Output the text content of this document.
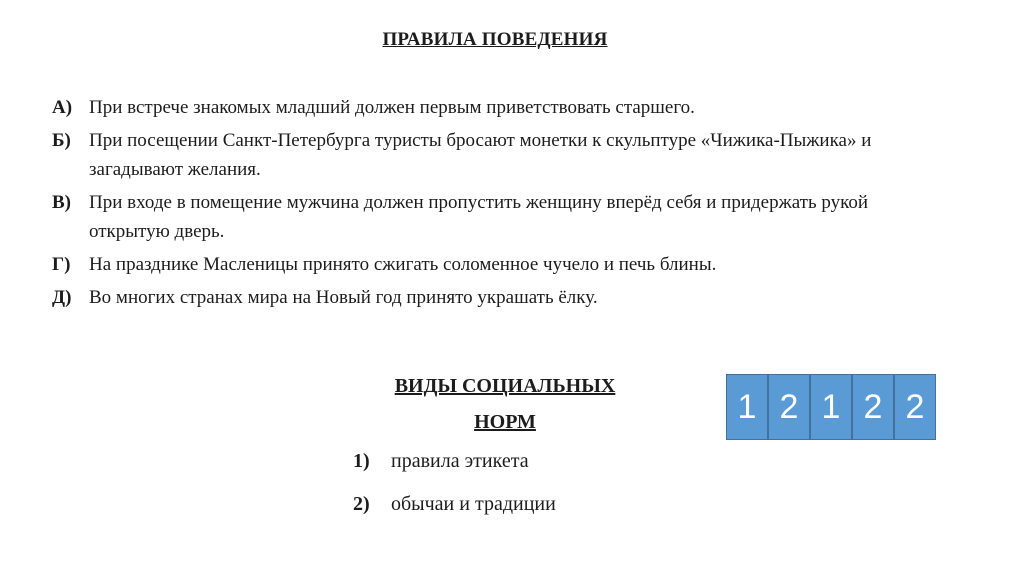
ПРАВИЛА ПОВЕДЕНИЯ
А) При встрече знакомых младший должен первым приветствовать старшего.
Б) При посещении Санкт-Петербурга туристы бросают монетки к скульптуре «Чижика-Пыжика» и загадывают желания.
В) При входе в помещение мужчина должен пропустить женщину вперёд себя и придержать рукой открытую дверь.
Г) На празднике Масленицы принято сжигать соломенное чучело и печь блины.
Д) Во многих странах мира на Новый год принято украшать ёлку.
ВИДЫ СОЦИАЛЬНЫХ
НОРМ
1)	правила этикета
2)	обычаи и традиции
1 2 1 2 2
